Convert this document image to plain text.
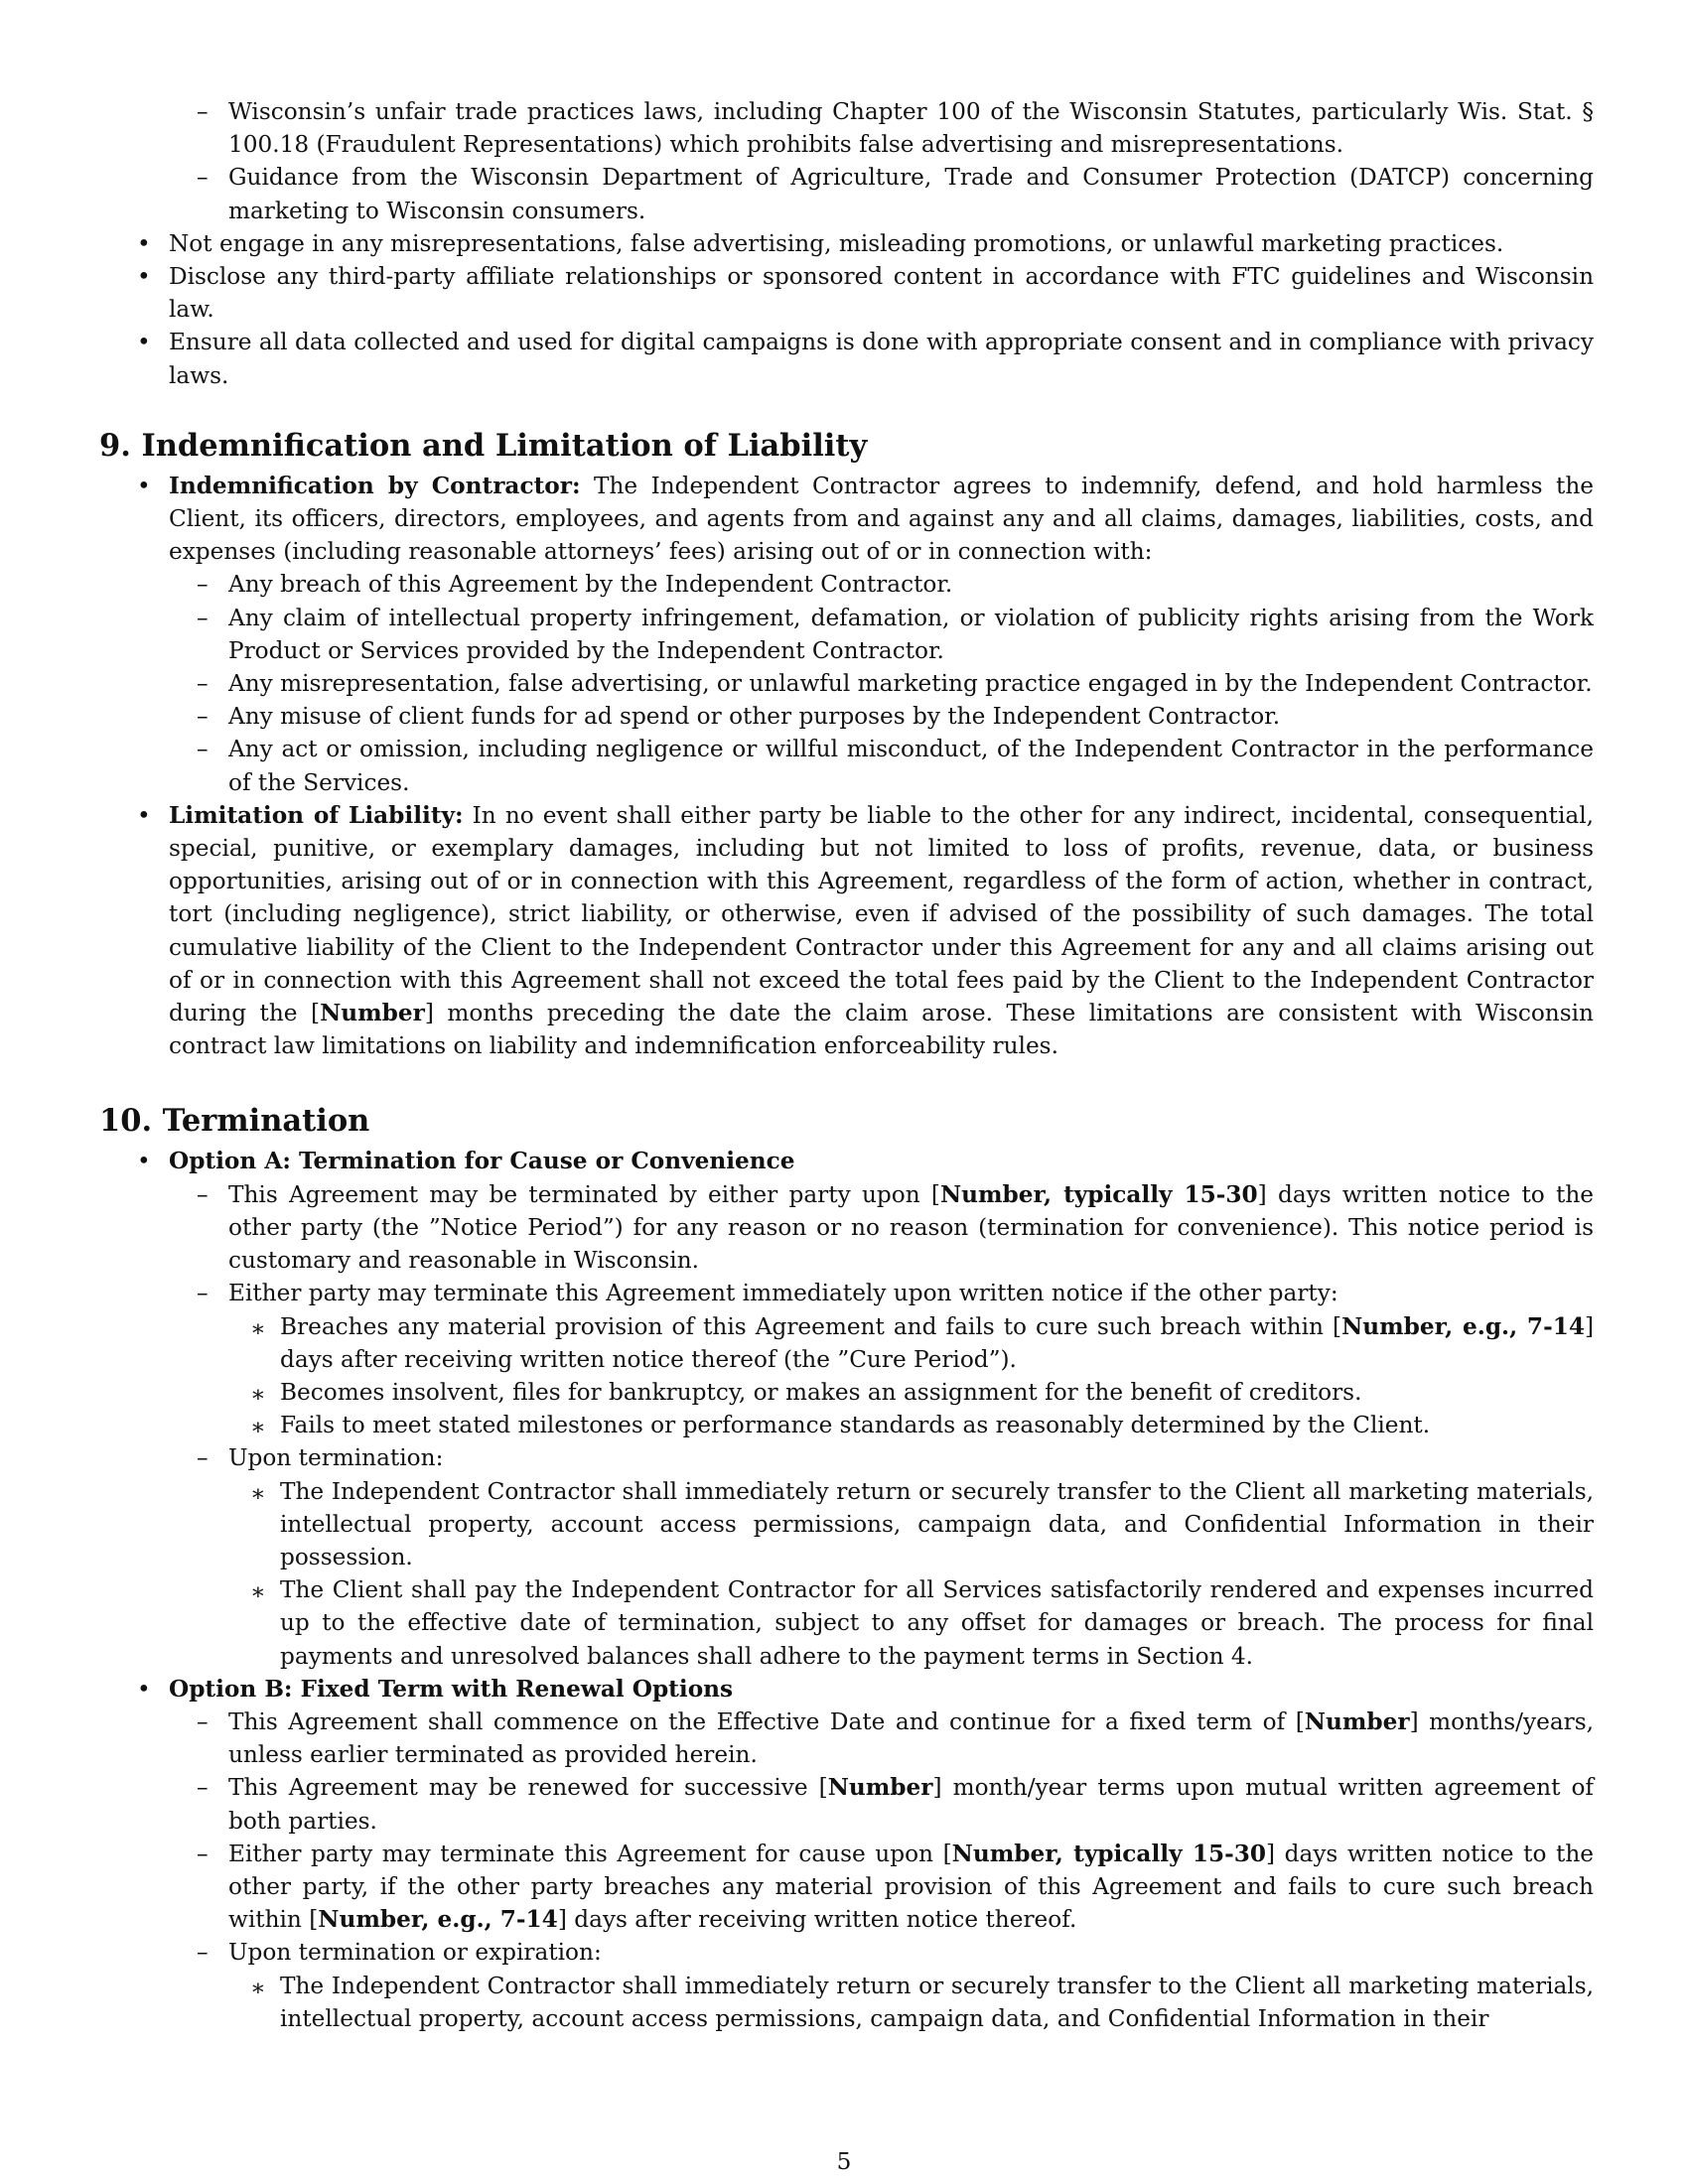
– Wisconsin’s unfair trade practices laws, including Chapter 100 of the Wisconsin Statutes, particularly Wis. Stat. § 100.18 (Fraudulent Representations) which prohibits false advertising and misrepresentations.
– Guidance from the Wisconsin Department of Agriculture, Trade and Consumer Protection (DATCP) concerning marketing to Wisconsin consumers.
• Not engage in any misrepresentations, false advertising, misleading promotions, or unlawful marketing practices.
• Disclose any third-party affiliate relationships or sponsored content in accordance with FTC guidelines and Wisconsin law.
• Ensure all data collected and used for digital campaigns is done with appropriate consent and in compliance with privacy laws.
9. Indemnification and Limitation of Liability
• Indemnification by Contractor: The Independent Contractor agrees to indemnify, defend, and hold harmless the Client, its officers, directors, employees, and agents from and against any and all claims, damages, liabilities, costs, and expenses (including reasonable attorneys’ fees) arising out of or in connection with:
– Any breach of this Agreement by the Independent Contractor.
– Any claim of intellectual property infringement, defamation, or violation of publicity rights arising from the Work Product or Services provided by the Independent Contractor.
– Any misrepresentation, false advertising, or unlawful marketing practice engaged in by the Independent Contractor.
– Any misuse of client funds for ad spend or other purposes by the Independent Contractor.
– Any act or omission, including negligence or willful misconduct, of the Independent Contractor in the performance of the Services.
• Limitation of Liability: In no event shall either party be liable to the other for any indirect, incidental, consequential, special, punitive, or exemplary damages, including but not limited to loss of profits, revenue, data, or business opportunities, arising out of or in connection with this Agreement, regardless of the form of action, whether in contract, tort (including negligence), strict liability, or otherwise, even if advised of the possibility of such damages. The total cumulative liability of the Client to the Independent Contractor under this Agreement for any and all claims arising out of or in connection with this Agreement shall not exceed the total fees paid by the Client to the Independent Contractor during the [Number] months preceding the date the claim arose. These limitations are consistent with Wisconsin contract law limitations on liability and indemnification enforceability rules.
10. Termination
• Option A: Termination for Cause or Convenience
– This Agreement may be terminated by either party upon [Number, typically 15-30] days written notice to the other party (the ”Notice Period”) for any reason or no reason (termination for convenience). This notice period is customary and reasonable in Wisconsin.
– Either party may terminate this Agreement immediately upon written notice if the other party:
∗ Breaches any material provision of this Agreement and fails to cure such breach within [Number, e.g., 7-14] days after receiving written notice thereof (the ”Cure Period”).
∗ Becomes insolvent, files for bankruptcy, or makes an assignment for the benefit of creditors.
∗ Fails to meet stated milestones or performance standards as reasonably determined by the Client.
– Upon termination:
∗ The Independent Contractor shall immediately return or securely transfer to the Client all marketing materials, intellectual property, account access permissions, campaign data, and Confidential Information in their possession.
∗ The Client shall pay the Independent Contractor for all Services satisfactorily rendered and expenses incurred up to the effective date of termination, subject to any offset for damages or breach. The process for final payments and unresolved balances shall adhere to the payment terms in Section 4.
• Option B: Fixed Term with Renewal Options
– This Agreement shall commence on the Effective Date and continue for a fixed term of [Number] months/years, unless earlier terminated as provided herein.
– This Agreement may be renewed for successive [Number] month/year terms upon mutual written agreement of both parties.
– Either party may terminate this Agreement for cause upon [Number, typically 15-30] days written notice to the other party, if the other party breaches any material provision of this Agreement and fails to cure such breach within [Number, e.g., 7-14] days after receiving written notice thereof.
– Upon termination or expiration:
∗ The Independent Contractor shall immediately return or securely transfer to the Client all marketing materials, intellectual property, account access permissions, campaign data, and Confidential Information in their
5
